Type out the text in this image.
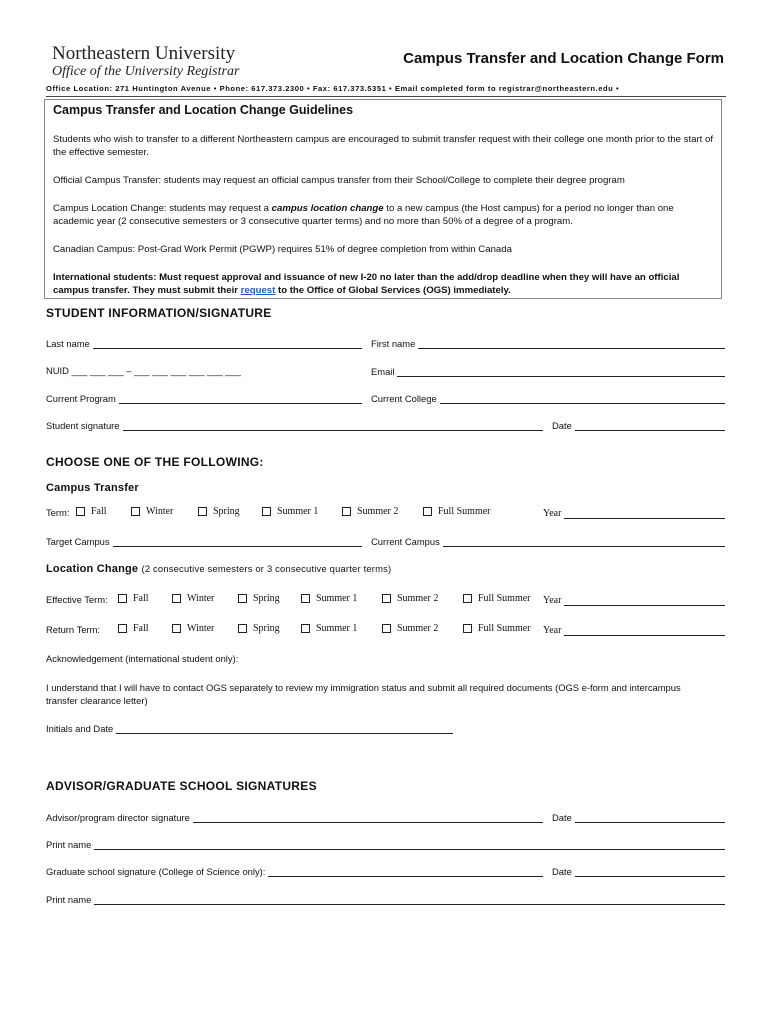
Northeastern University
Office of the University Registrar
Campus Transfer and Location Change Form
Office Location: 271 Huntington Avenue • Phone: 617.373.2300 • Fax: 617.373.5351 • Email completed form to registrar@northeastern.edu •
Campus Transfer and Location Change Guidelines
Students who wish to transfer to a different Northeastern campus are encouraged to submit transfer request with their college one month prior to the start of the effective semester.
Official Campus Transfer: students may request an official campus transfer from their School/College to complete their degree program
Campus Location Change: students may request a campus location change to a new campus (the Host campus) for a period no longer than one academic year (2 consecutive semesters or 3 consecutive quarter terms) and no more than 50% of a degree of a program.
Canadian Campus: Post-Grad Work Permit (PGWP) requires 51% of degree completion from within Canada
International students: Must request approval and issuance of new I-20 no later than the add/drop deadline when they will have an official campus transfer. They must submit their request to the Office of Global Services (OGS) immediately.
STUDENT INFORMATION/SIGNATURE
Last name	First name
NUID ___ ___ ___ – ___ ___ ___ ___ ___ ___	Email
Current Program	Current College
Student signature	Date
CHOOSE ONE OF THE FOLLOWING:
Campus Transfer
Term: Fall	Winter	Spring	Summer 1	Summer 2	Full Summer	Year
Target Campus	Current Campus
Location Change (2 consecutive semesters or 3 consecutive quarter terms)
Effective Term:	Fall	Winter	Spring	Summer 1	Summer 2	Full Summer Year
Return Term:	Fall	Winter	Spring	Summer 1	Summer 2	Full Summer Year
Acknowledgement (international student only):
I understand that I will have to contact OGS separately to review my immigration status and submit all required documents (OGS e-form and intercampus transfer clearance letter)
Initials and Date
ADVISOR/GRADUATE SCHOOL SIGNATURES
Advisor/program director signature	Date
Print name
Graduate school signature (College of Science only):	Date
Print name
